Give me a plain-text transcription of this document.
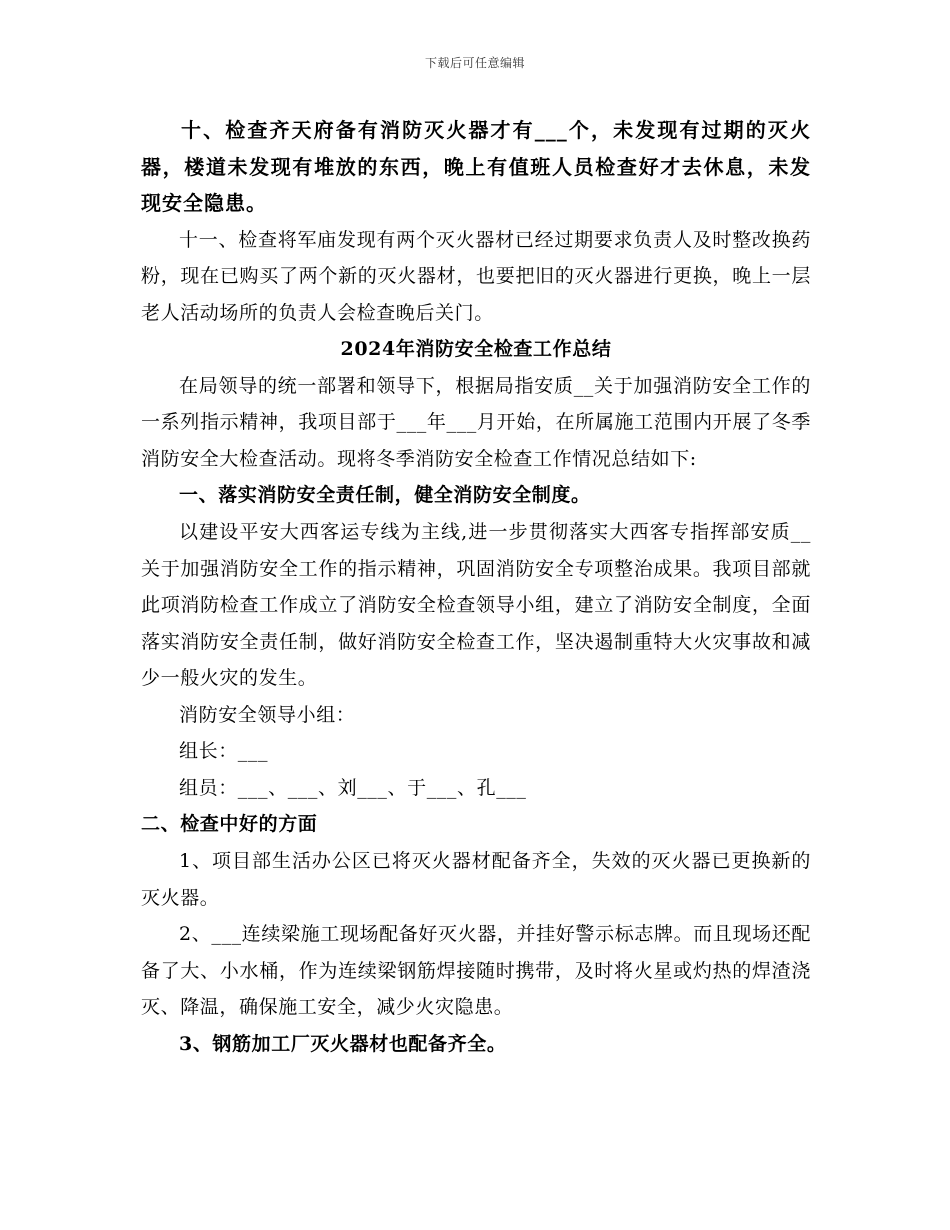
下载后可任意编辑

十、检查齐天府备有消防灭火器才有___个，未发现有过期的灭火器，楼道未发现有堆放的东西，晚上有值班人员检查好才去休息，未发现安全隐患。

十一、检查将军庙发现有两个灭火器材已经过期要求负责人及时整改换药粉，现在已购买了两个新的灭火器材，也要把旧的灭火器进行更换，晚上一层老人活动场所的负责人会检查晚后关门。

2024年消防安全检查工作总结

在局领导的统一部署和领导下，根据局指安质__关于加强消防安全工作的一系列指示精神，我项目部于___年___月开始，在所属施工范围内开展了冬季消防安全大检查活动。现将冬季消防安全检查工作情况总结如下:

一、落实消防安全责任制，健全消防安全制度。

以建设平安大西客运专线为主线,进一步贯彻落实大西客专指挥部安质__关于加强消防安全工作的指示精神，巩固消防安全专项整治成果。我项目部就此项消防检查工作成立了消防安全检查领导小组，建立了消防安全制度，全面落实消防安全责任制，做好消防安全检查工作，坚决遏制重特大火灾事故和减少一般火灾的发生。

消防安全领导小组：

组长：___

组员：___、___、刘___、于___、孔___

二、检查中好的方面

1、项目部生活办公区已将灭火器材配备齐全，失效的灭火器已更换新的灭火器。

2、___连续梁施工现场配备好灭火器，并挂好警示标志牌。而且现场还配备了大、小水桶，作为连续梁钢筋焊接随时携带，及时将火星或灼热的焊渣浇灭、降温，确保施工安全，减少火灾隐患。

3、钢筋加工厂灭火器材也配备齐全。
